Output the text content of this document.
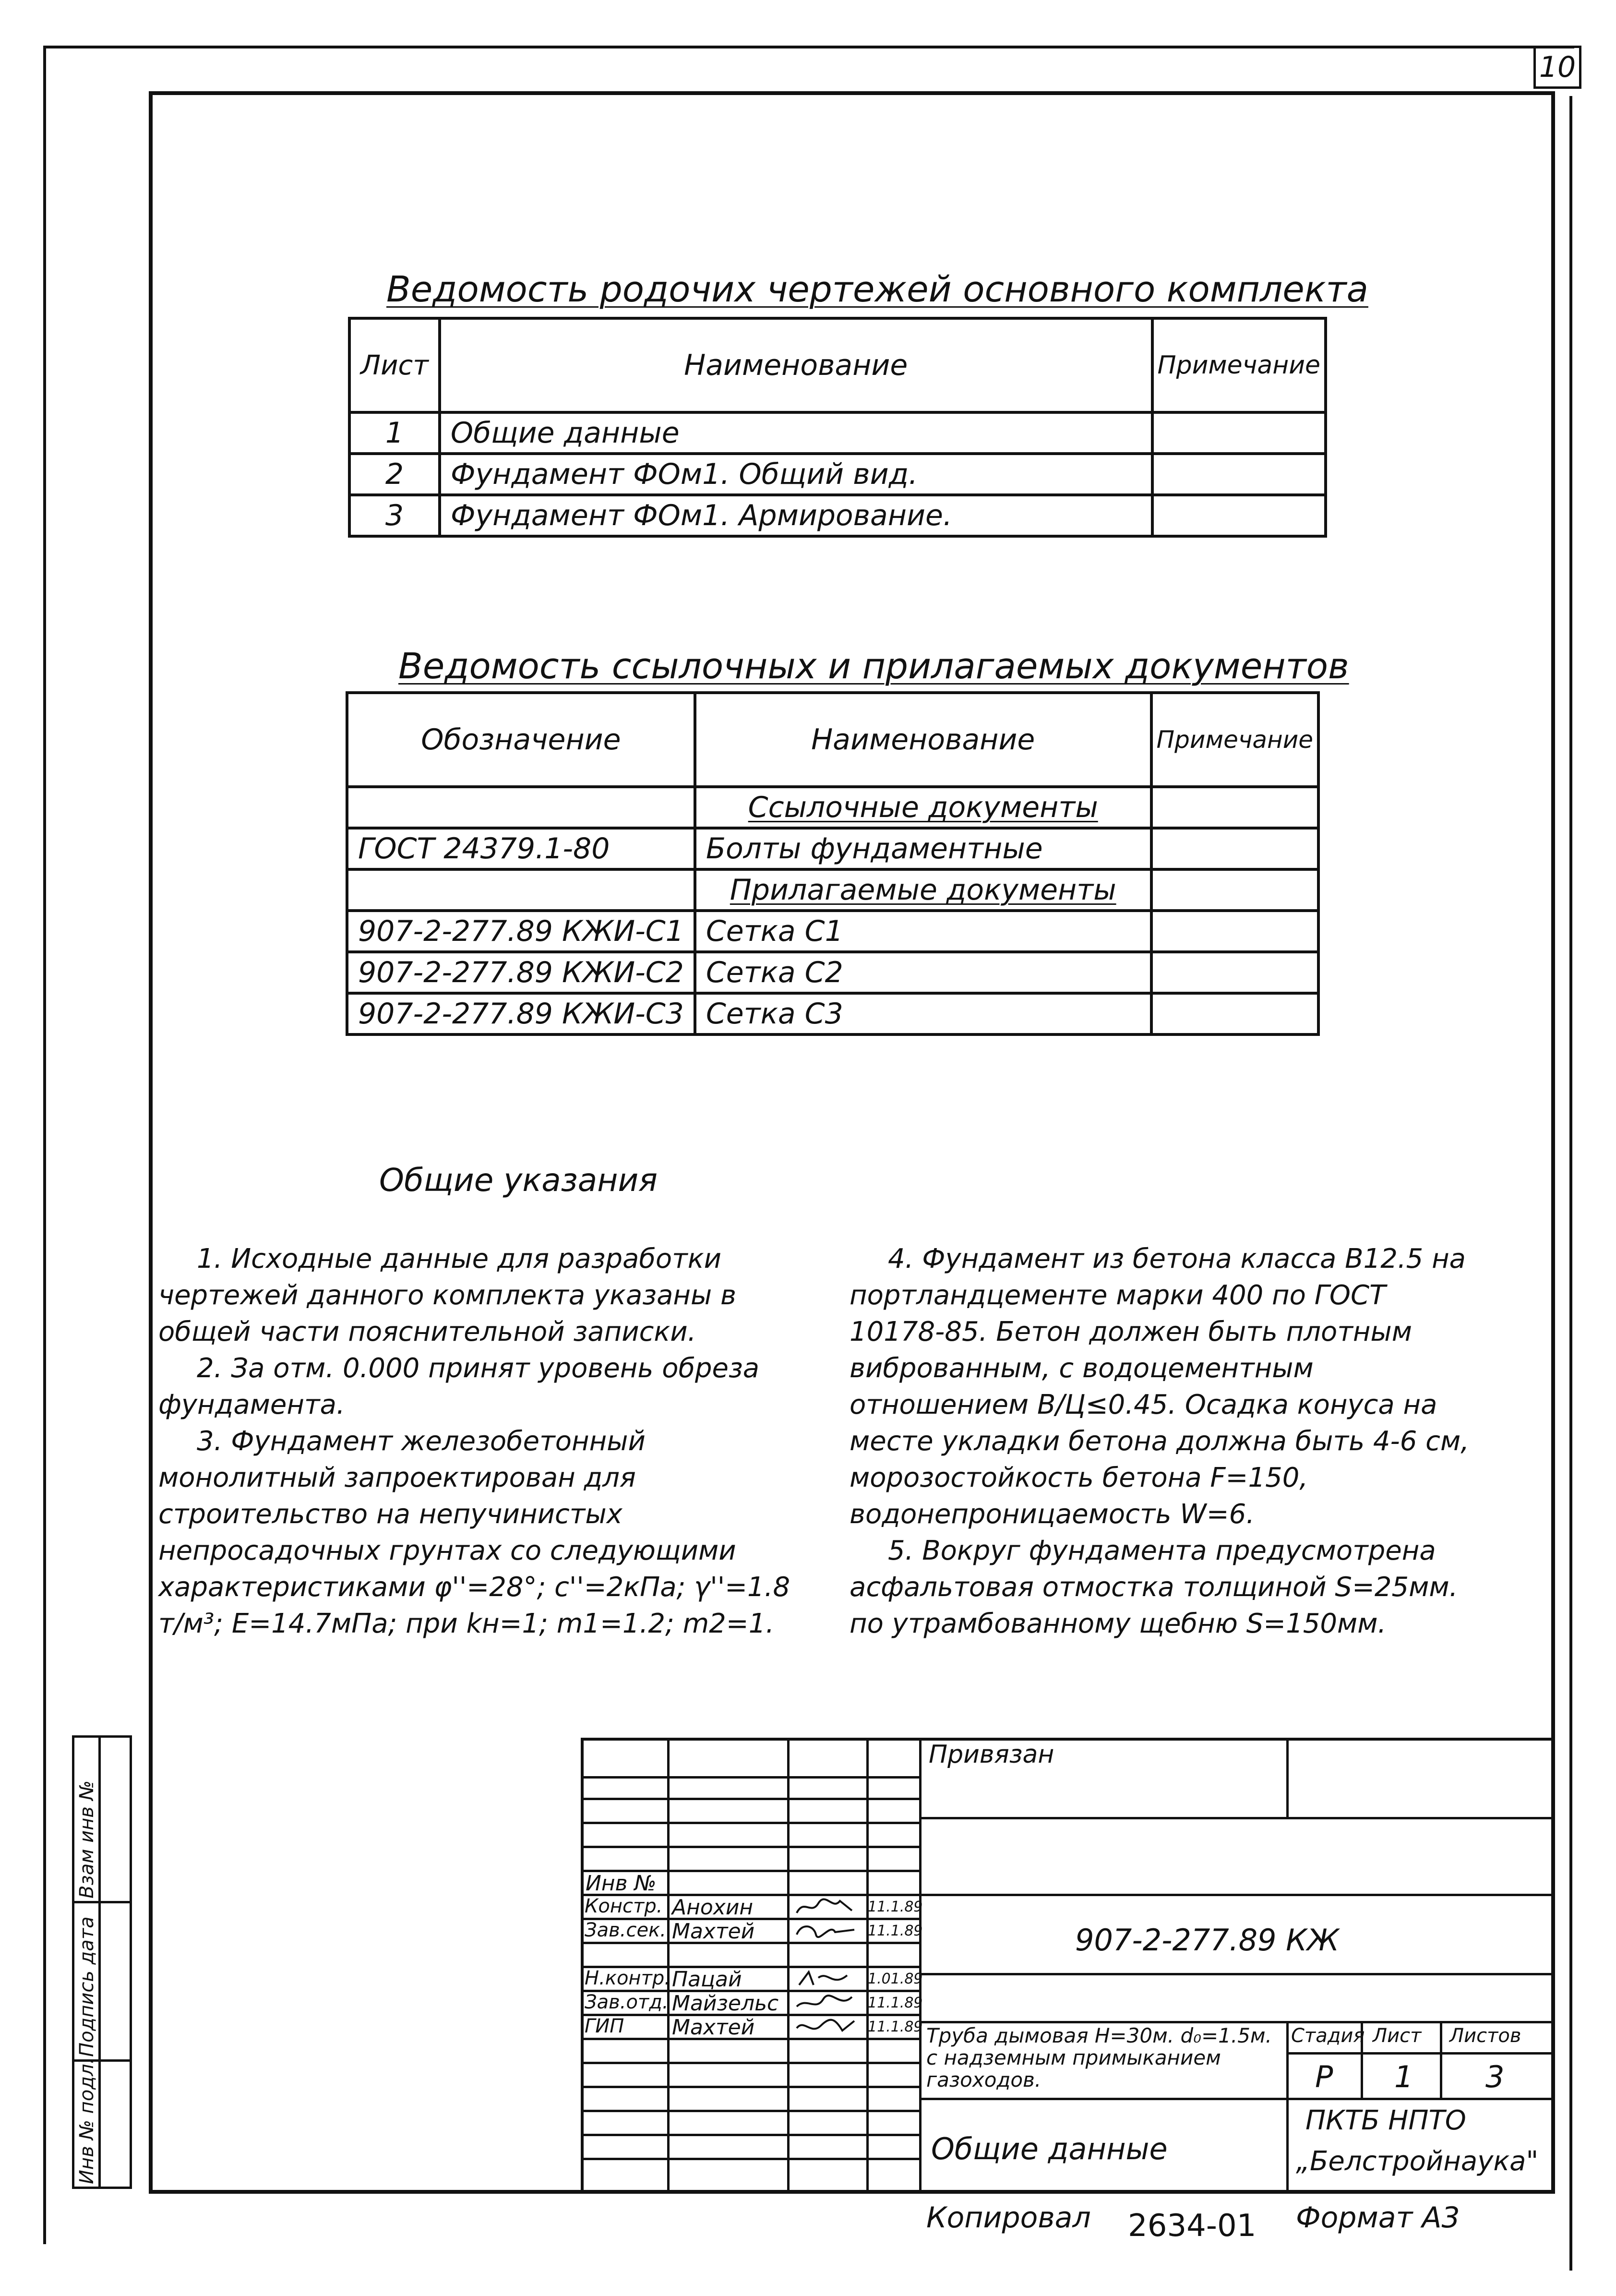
10
Ведомость родочих чертежей основного комплекта
Лист	Наименование	Примечание
1	Общие данные	
2	Фундамент ФОм1. Общий вид.	
3	Фундамент ФОм1. Армирование.	
Ведомость ссылочных и прилагаемых документов
Обозначение	Наименование	Примечание
	Ссылочные документы	
ГОСТ 24379.1-80	Болты фундаментные	
	Прилагаемые документы	
907-2-277.89 КЖИ-С1	Сетка С1	
907-2-277.89 КЖИ-С2	Сетка С2	
907-2-277.89 КЖИ-С3	Сетка С3	
Общие указания

1. Исходные данные для разработки чертежей данного комплекта указаны в общей части пояснительной записки.

2. За отм. 0.000 принят уровень обреза фундамента.

3. Фундамент железобетонный монолитный запроектирован для строительство на непучинистых непросадочных грунтах со следующими характеристиками φ''=28°; c''=2кПа; γ''=1.8 т/м³; E=14.7мПа; при kн=1; m1=1.2; m2=1.

4. Фундамент из бетона класса В12.5 на портландцементе марки 400 по ГОСТ 10178-85. Бетон должен быть плотным виброванным, с водоцементным отношением В/Ц≤0.45. Осадка конуса на месте укладки бетона должна быть 4-6 см, морозостойкость бетона F=150, водонепроницаемость W=6.

5. Вокруг фундамента предусмотрена асфальтовая отмостка толщиной S=25мм. по утрамбованному щебню S=150мм.

Взам инв №
Подпись дата
Инв № подл.
Привязан
Инв №
Констр. Анохин	11.1.89
Зав.сек. Махтей	11.1.89
Н.контр. Пацай	1.01.89
Зав.отд. Майзельс	11.1.89
ГИП Махтей	11.1.89
907-2-277.89 КЖ
Труба дымовая Н=30м. d₀=1.5м. с надземным примыканием газоходов.
Общие данные
Стадия Лист Листов
Р 1 3
ПКТБ НПТО
„Белстройнаука"
Копировал 2634-01 Формат А3
